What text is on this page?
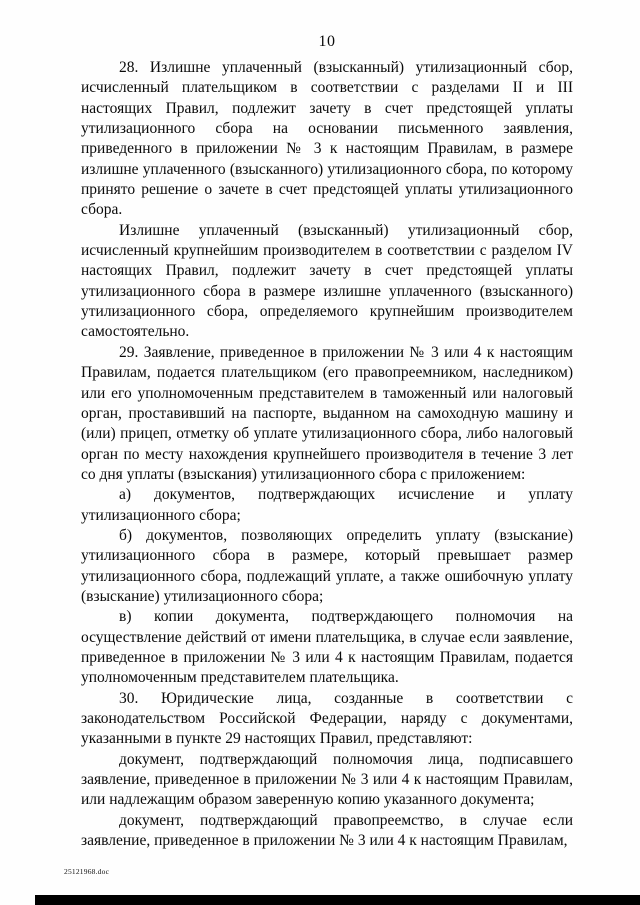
10

28. Излишне уплаченный (взысканный) утилизационный сбор, исчисленный плательщиком в соответствии с разделами II и III настоящих Правил, подлежит зачету в счет предстоящей уплаты утилизационного сбора на основании письменного заявления, приведенного в приложении № 3 к настоящим Правилам, в размере излишне уплаченного (взысканного) утилизационного сбора, по которому принято решение о зачете в счет предстоящей уплаты утилизационного сбора.

Излишне уплаченный (взысканный) утилизационный сбор, исчисленный крупнейшим производителем в соответствии с разделом IV настоящих Правил, подлежит зачету в счет предстоящей уплаты утилизационного сбора в размере излишне уплаченного (взысканного) утилизационного сбора, определяемого крупнейшим производителем самостоятельно.

29. Заявление, приведенное в приложении № 3 или 4 к настоящим Правилам, подается плательщиком (его правопреемником, наследником) или его уполномоченным представителем в таможенный или налоговый орган, проставивший на паспорте, выданном на самоходную машину и (или) прицеп, отметку об уплате утилизационного сбора, либо налоговый орган по месту нахождения крупнейшего производителя в течение 3 лет со дня уплаты (взыскания) утилизационного сбора с приложением:

а) документов, подтверждающих исчисление и уплату утилизационного сбора;

б) документов, позволяющих определить уплату (взыскание) утилизационного сбора в размере, который превышает размер утилизационного сбора, подлежащий уплате, а также ошибочную уплату (взыскание) утилизационного сбора;

в) копии документа, подтверждающего полномочия на осуществление действий от имени плательщика, в случае если заявление, приведенное в приложении № 3 или 4 к настоящим Правилам, подается уполномоченным представителем плательщика.

30. Юридические лица, созданные в соответствии с законодательством Российской Федерации, наряду с документами, указанными в пункте 29 настоящих Правил, представляют:

документ, подтверждающий полномочия лица, подписавшего заявление, приведенное в приложении № 3 или 4 к настоящим Правилам, или надлежащим образом заверенную копию указанного документа;

документ, подтверждающий правопреемство, в случае если заявление, приведенное в приложении № 3 или 4 к настоящим Правилам,

25121968.doc
